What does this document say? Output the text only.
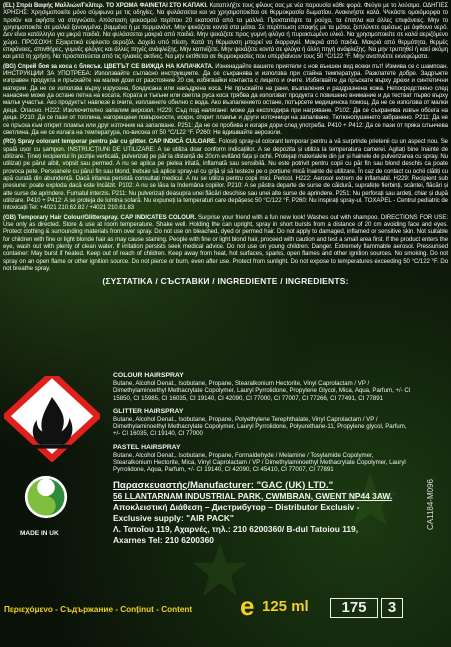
(EL) Σπρέι Βαφής Μαλλιών/Γκλίτερ. ΤΟ ΧΡΩΜΑ ΦΑΙΝΕΤΑΙ ΣΤΟ ΚΑΠΑΚΙ. Καταπλήξτε τους φίλους σας με νέα παρουσία κάθε φορά. Φεύγει με το λούσιμο. ΟΔΗΓΙΕΣ ΧΡΗΣΗΣ: Χρησιμοποιείτε μόνο σύμφωνα με τις οδηγίες. Να φυλάσσεται και να χρησιμοποιείται σε θερμοκρασία δωματίου. Ανακινήστε καλά. Ψεκάστε ομοιόμορφα το προϊόν και αφήστε να στεγνώσει. Απόσταση ψεκασμού περίπου 20 εκατοστά από τα μαλλιά. Προστατέψτε τα ρούχα, τα έπιπλα και άλλες επιφάνειες. Μην το χρησιμοποιείτε σε μαλλιά ξανοιγμένα, βαμμένα ή με περμανάντ. Μην ψεκάζετε κοντά στα μάτια. Σε περίπτωση επαφής με τα μάτια, ξεπλύνετε αμέσως με άφθονο νερό. Δεν είναι κατάλληλο για μικρά παιδιά. Να φυλάσσεται μακριά από παιδιά. Μην ψεκάζετε προς γυμνή φλόγα ή πυρακτωμένο υλικό. Να χρησιμοποιείτε σε καλά αεριζόμενο χώρο. ΠΡΟΣΟΧΗ: Εξαιρετικά εύφλεκτο αεροζόλ. Δοχείο υπό πίεση. Κατά τη θέρμανση μπορεί να διαρραγεί. Μακριά από παιδιά. Μακριά από θερμότητα, θερμές επιφάνειες, σπινθήρες, γυμνές φλόγες και άλλες πηγές ανάφλεξης. Μην καπνίζετε. Μην ψεκάζετε κοντά σε φλόγα ή άλλη πηγή ανάφλεξης. Να μην τρυπηθεί ή καεί ακόμη και μετά τη χρήση. Να προστατεύεται από τις ηλιακές ακτίνες. Να μην εκτίθεται σε θερμοκρασίες που υπερβαίνουν τους 50 °C/122 °F. Μην αναπνέετε εκνεφώματα.

(BG) Спрей боя за коса с блясък. ЦВЕТЪТ СЕ ВИЖДА НА КАПАЧКАТА. Изненадайте вашите приятели с нов външен вид всеки път! Измива се с шампоан. ИНСТРУКЦИИ ЗА УПОТРЕБА: Използвайте съгласно инструкциите. Да се съхранява и използва при стайна температура. Разклатете добре. Задръжте изправен продукта и пръскайте на малки дози от разстояние 20 см, избягвайки контакта с лицето и очите. Избягвайте да пръскате върху дрехи и синтетични материи. Да не се използва върху изрусена, боядисана или накъдрена коса. Не пръскайте на рани, възпаления и раздразнена кожа. Непосредствено след нанасяне може да остане петна на косата. Кората и тъкъни или светла руса коса трябва да използват продукта с повишено внимание и да тестват първо върху малък участък. Ако продуктът навлезе в очите, изплакнете обилно с вода. Ако възпалението остане, потърсете медицинска помощ. Да не се използва от малки деца. Опасно. H222: Изключително запалим аерозол. H229: Съд под налягане: може да експлодира при нагряване. P102: Да се съхранява извън обсега на деца. P210: Да се пази от топлина, нагорещени повърхности, искри, открит пламък и други източници на запалване. Тютюнопушенето забранено. P211: Да не се пръска към открит пламък или друг източник на запалване. P251: Да не се пробива и изгаря дори след употреба. P410 + P412: Да се пази от пряка слънчева светлина. Да не се излага на температура, по-висока от 50 °C/122 °F. P260: Не вдишвайте аерозоли.

(RO) Spray colorant temporar pentru păr cu glitter. CAP INDICĂ CULOARE. Folosiți spray-ul colorant temporar pentru a vă surprinde prietenii cu un aspect nou. Se spală ușor cu șampon. INSTRUCȚIUNI DE UTILIZARE: A se utiliza doar conform indicațiilor. A se depozita și utiliza la temperatura camerei. Agitați bine înainte de utilizare. Țineți recipientul în poziție verticală, pulverizați pe păr la distanță de 20cm evitând fața și ochii. Protejați materialele din jur și hainele de pulverizarea cu spray. Nu utilizați pe părul albit, vopsit sau permed. A nu se aplica pe pielea iritată, inflamată sau sensibilă. Nu este potrivit pentru copii cu păr fin sau blond deschis ca poate provoca pete. Persoanele cu părul fin sau blond, trebuie să aplice spray-ul cu grijă și să testeze pe o porțiune mică înainte de utilizare. În caz de contact cu ochii clătiți cu apă curată din abundență. Dacă iritarea persistă consultați medicul. A nu se utiliza pentru copii mici. Pericol. H222: Aerosol extrem de inflamabil. H229: Recipient sub presiune: poate exploda dacă este încălzit. P102: A nu se lăsa la îndemâna copiilor. P210: A se păstra departe de surse de căldură, suprafețe fierbinți, scântei, flăcări și alte surse de aprindere. Fumatul interzis. P211: Nu pulverizați deasupra unei flăcări deschise sau unei alte surse de aprindere. P251: Nu perforați sau ardeți, chiar și după utilizare. P410 + P412: A se proteja de lumina solară. Nu expuneți la temperaturi care depășesc 50 °C/122 °F. P260: Nu inspirați spray-ul. TOXAPEL - Centrul pediatric de Intoxicații Tel: +4021 210.62.82 / +4021 210.61.83

(GB) Temporary Hair Colour/Glitterspray. CAP INDICATES COLOUR. Surprise your friend with a fun new look! Washes out with shampoo. DIRECTIONS FOR USE: Use only as directed. Store & use at room temperature. Shake well. Holding the can upright, spray in short bursts from a distance of 20 cm avoiding face and eyes. Protect clothing & surrounding materials from over spray. Do not use on bleached, dyed or permed hair. Do not apply to damaged, inflamed or sensitive skin. Not suitable for children with fine or light blonde hair as may cause staining. People with fine or light blond hair, proceed with caution and test a small area first. If the product enters the eye, wash out with plenty of clean water. If irritation persists seek medical advice. Do not use on young children. Danger. Extremely flammable aerosol. Pressurised container: May burst if heated. Keep out of reach of children. Keep away from heat, hot surfaces, sparks, open flames and other ignition sources. No smoking. Do not spray on an open flame or other ignition source. Do not pierce or burn, even after use. Protect from sunlight. Do not expose to temperatures exceeding 50 °C/122 °F. Do not breathe spray.

(ΣΥΣΤΑΤΙΚΑ / СЪСТАВКИ / INGREDIENTE / INGREDIENTS:

MADE IN UK
COLOUR HAIRSPRAY

Butane, Alcohol Denat., Isobutane, Propane, Stearalkonium Hectorite, Vinyl Caprolactam / VP / Dimethylaminoethyl Methacrylate Copolymer, Lauryl Pyrrolidone, Propylene Glycol, Mica, Aqua, Parfum, +/- CI 15850, CI 15985, CI 16035, CI 19140, CI 42090, CI 77000, CI 77007, CI 77266, CI 77491, CI 77891

GLITTER HAIRSPRAY

Butane, Alcohol Denat., Isobutane, Propane, Polyethylene Terephthalate, Vinyl Caprolactam / VP / Dimethylaminoethyl Methacrylate Copolymer, Lauryl Pyrrolidone, Polyurethane-11, Propylene glycol, Parfum, +/- CI 16035, CI 19140, CI 77000

PASTEL HAIRSPRAY

Butane, Alcohol Denat., Isobutane, Propane, Formaldehyde / Melamine / Tosylamide Copolymer, Stearalkonium Hectorite, Mica, Vinyl Caprolactam / VP / Dimethylaminoethyl Methacrylate Copolymer, Lauryl Pyrrolidone, Aqua, Parfum, +/- CI 19140, CI 42090, CI 45410, CI 77007, CI 77891

Παρασκευαστής/Manufacturer: "GAC (UK) LTD."
56 LLANTARNAM INDUSTRIAL PARK, CWMBRAN, GWENT NP44 3AW.
Αποκλειστική Διάθεση – Дистрибутор – Distributor Exclusiv -
Exclusive supply: "AIR PACK"
Λ. Τατοΐου 119, Αχαρνές, τηλ.: 210 6200360/ B-dul Tatoiou 119,
Axarnes Tel: 210 6200360
CA1184-M096
Περιεχόμενο - Съдържание - Conținut - Content e 125 ml	175	3
